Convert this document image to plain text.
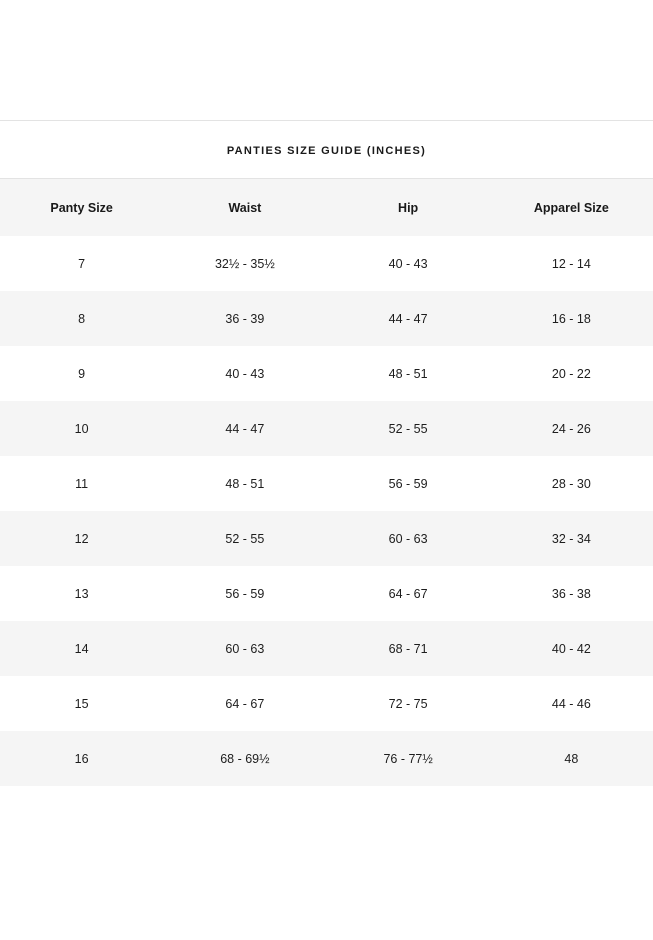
PANTIES SIZE GUIDE (INCHES)			
Panty Size	Waist	Hip	Apparel Size
7	32½ - 35½	40 - 43	12 - 14
8	36 - 39	44 - 47	16 - 18
9	40 - 43	48 - 51	20 - 22
10	44 - 47	52 - 55	24 - 26
11	48 - 51	56 - 59	28 - 30
12	52 - 55	60 - 63	32 - 34
13	56 - 59	64 - 67	36 - 38
14	60 - 63	68 - 71	40 - 42
15	64 - 67	72 - 75	44 - 46
16	68 - 69½	76 - 77½	48
